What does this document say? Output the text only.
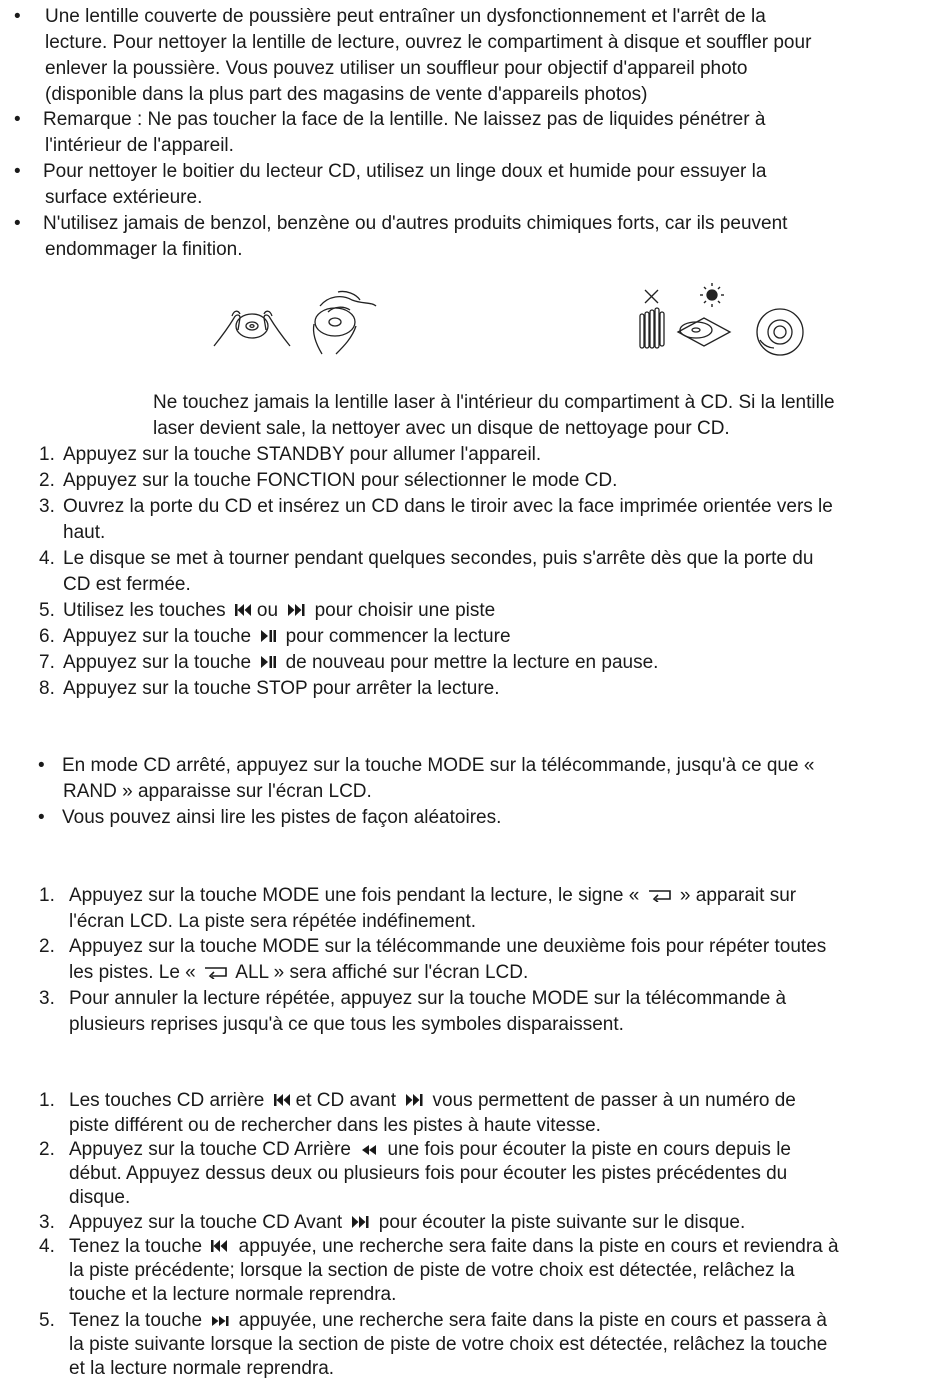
• Une lentille couverte de poussière peut entraîner un dysfonctionnement et l'arrêt de la
lecture. Pour nettoyer la lentille de lecture, ouvrez le compartiment à disque et souffler pour
enlever la poussière. Vous pouvez utiliser un souffleur pour objectif d'appareil photo
(disponible dans la plus part des magasins de vente d'appareils photos)
• Remarque : Ne pas toucher la face de la lentille. Ne laissez pas de liquides pénétrer à
l'intérieur de l'appareil.
• Pour nettoyer le boitier du lecteur CD, utilisez un linge doux et humide pour essuyer la
surface extérieure.
• N'utilisez jamais de benzol, benzène ou d'autres produits chimiques forts, car ils peuvent
endommager la finition.
Ne touchez jamais la lentille laser à l'intérieur du compartiment à CD. Si la lentille
laser devient sale, la nettoyer avec un disque de nettoyage pour CD.
1. Appuyez sur la touche STANDBY pour allumer l'appareil.
2. Appuyez sur la touche FONCTION pour sélectionner le mode CD.
3. Ouvrez la porte du CD et insérez un CD dans le tiroir avec la face imprimée orientée vers le
haut.
4. Le disque se met à tourner pendant quelques secondes, puis s'arrête dès que la porte du
CD est fermée.
5. Utilisez les touches ou pour choisir une piste
6. Appuyez sur la touche pour commencer la lecture
7. Appuyez sur la touche de nouveau pour mettre la lecture en pause.
8. Appuyez sur la touche STOP pour arrêter la lecture.
• En mode CD arrêté, appuyez sur la touche MODE sur la télécommande, jusqu'à ce que «
RAND » apparaisse sur l'écran LCD.
• Vous pouvez ainsi lire les pistes de façon aléatoires.
1. Appuyez sur la touche MODE une fois pendant la lecture, le signe « » apparait sur
l'écran LCD. La piste sera répétée indéfinement.
2. Appuyez sur la touche MODE sur la télécommande une deuxième fois pour répéter toutes
les pistes. Le « ALL » sera affiché sur l'écran LCD.
3. Pour annuler la lecture répétée, appuyez sur la touche MODE sur la télécommande à
plusieurs reprises jusqu'à ce que tous les symboles disparaissent.
1. Les touches CD arrière et CD avant vous permettent de passer à un numéro de
piste différent ou de rechercher dans les pistes à haute vitesse.
2. Appuyez sur la touche CD Arrière une fois pour écouter la piste en cours depuis le
début. Appuyez dessus deux ou plusieurs fois pour écouter les pistes précédentes du
disque.
3. Appuyez sur la touche CD Avant pour écouter la piste suivante sur le disque.
4. Tenez la touche appuyée, une recherche sera faite dans la piste en cours et reviendra à
la piste précédente; lorsque la section de piste de votre choix est détectée, relâchez la
touche et la lecture normale reprendra.
5. Tenez la touche appuyée, une recherche sera faite dans la piste en cours et passera à
la piste suivante lorsque la section de piste de votre choix est détectée, relâchez la touche
et la lecture normale reprendra.
